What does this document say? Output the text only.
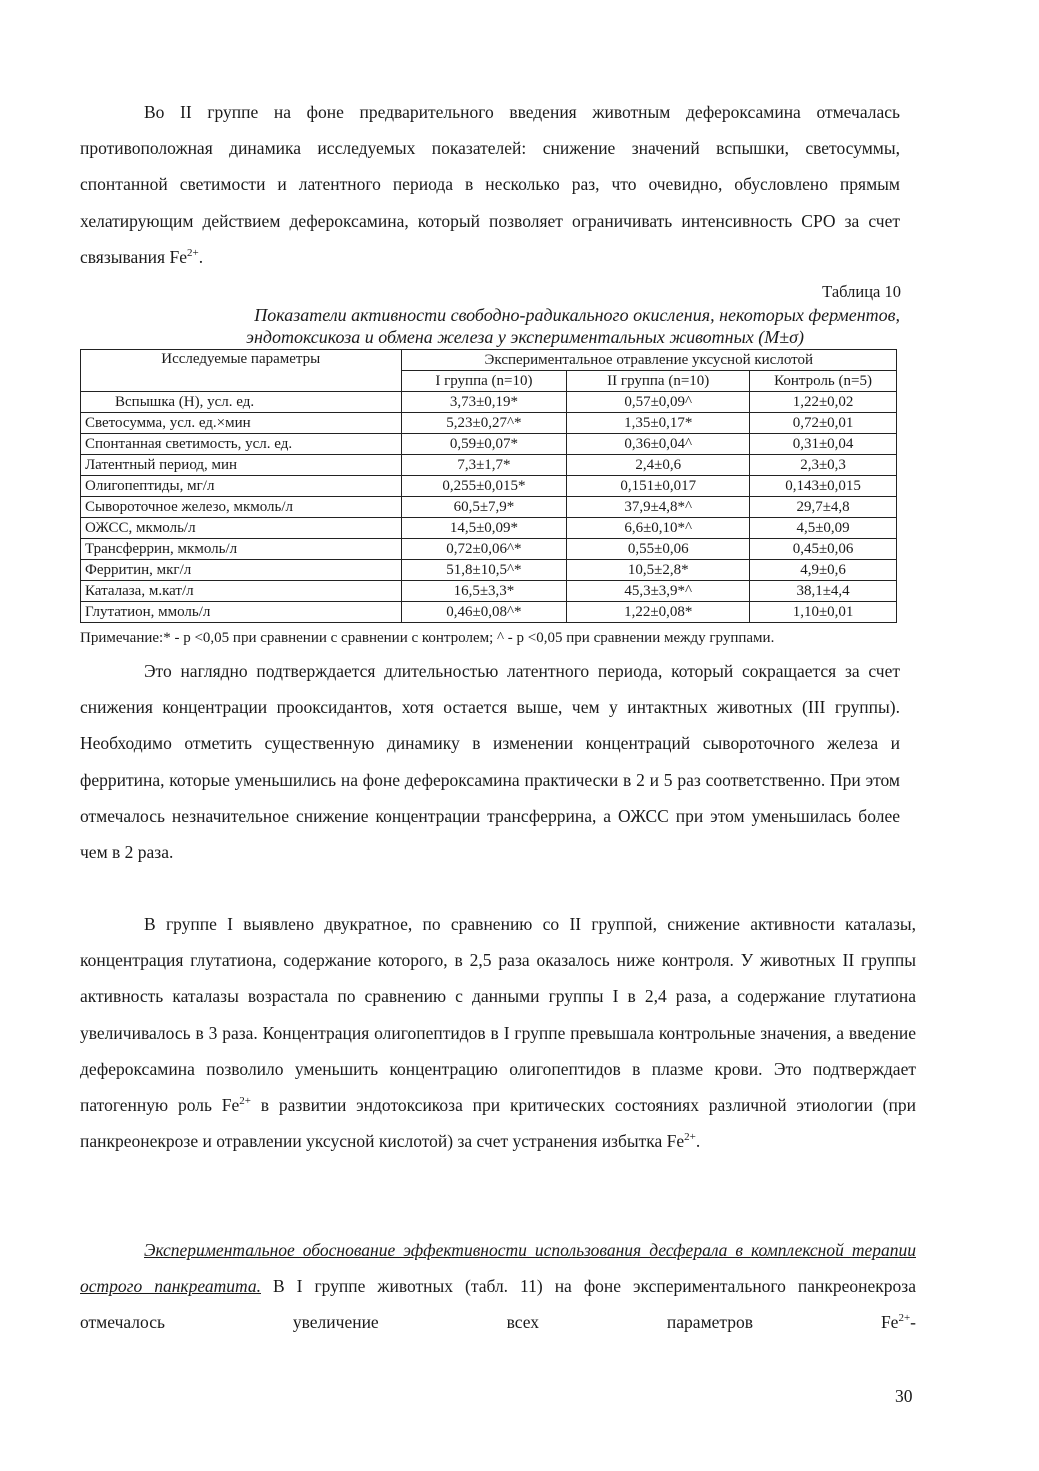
Во II группе на фоне предварительного введения животным дефероксамина отмечалась противоположная динамика исследуемых показателей: снижение значений вспышки, светосуммы, спонтанной светимости и латентного периода в несколько раз, что очевидно, обусловлено прямым хелатирующим действием дефероксамина, который позволяет ограничивать интенсивность СРО за счет связывания $Fe^{2+}$.

Таблица 10
Показатели активности свободно-радикального окисления, некоторых ферментов,
эндотоксикоза и обмена железа у экспериментальных животных (М±σ)
Исследуемые параметры	Экспериментальное отравление уксусной кислотой		
	I группа (n=10)	II группа (n=10)	Контроль (n=5)
Вспышка (Н), усл. ед.	3,73±0,19*	0,57±0,09^	1,22±0,02
Светосумма, усл. ед.×мин	5,23±0,27^*	1,35±0,17*	0,72±0,01
Спонтанная светимость, усл. ед.	0,59±0,07*	0,36±0,04^	0,31±0,04
Латентный период, мин	7,3±1,7*	2,4±0,6	2,3±0,3
Олигопептиды, мг/л	0,255±0,015*	0,151±0,017	0,143±0,015
Сывороточное железо, мкмоль/л	60,5±7,9*	37,9±4,8*^	29,7±4,8
ОЖСС, мкмоль/л	14,5±0,09*	6,6±0,10*^	4,5±0,09
Трансферрин, мкмоль/л	0,72±0,06^*	0,55±0,06	0,45±0,06
Ферритин, мкг/л	51,8±10,5^*	10,5±2,8*	4,9±0,6
Каталаза, м.кат/л	16,5±3,3*	45,3±3,9*^	38,1±4,4
Глутатион, ммоль/л	0,46±0,08^*	1,22±0,08*	1,10±0,01
Примечание:* - р <0,05 при сравнении с сравнении с контролем; ^ - р <0,05 при сравнении между группами.

Это наглядно подтверждается длительностью латентного периода, который сокращается за счет снижения концентрации прооксидантов, хотя остается выше, чем у интактных животных (III группы). Необходимо отметить существенную динамику в изменении концентраций сывороточного железа и ферритина, которые уменьшились на фоне дефероксамина практически в 2 и 5 раз соответственно. При этом отмечалось незначительное снижение концентрации трансферрина, а ОЖСС при этом уменьшилась более чем в 2 раза.

В группе I выявлено двукратное, по сравнению со II группой, снижение активности каталазы, концентрация глутатиона, содержание которого, в 2,5 раза оказалось ниже контроля. У животных II группы активность каталазы возрастала по сравнению с данными группы I в 2,4 раза, а содержание глутатиона увеличивалось в 3 раза. Концентрация олигопептидов в I группе превышала контрольные значения, а введение дефероксамина позволило уменьшить концентрацию олигопептидов в плазме крови. Это подтверждает патогенную роль $Fe^{2+}$ в развитии эндотоксикоза при критических состояниях различной этиологии (при панкреонекрозе и отравлении уксусной кислотой) за счет устранения избытка $Fe^{2+}$.

Экспериментальное обоснование эффективности использования десферала в комплексной терапии острого панкреатита. В I группе животных (табл. 11) на фоне экспериментального панкреонекроза отмечалось увеличение всех параметров $Fe^{2+}-$

30
